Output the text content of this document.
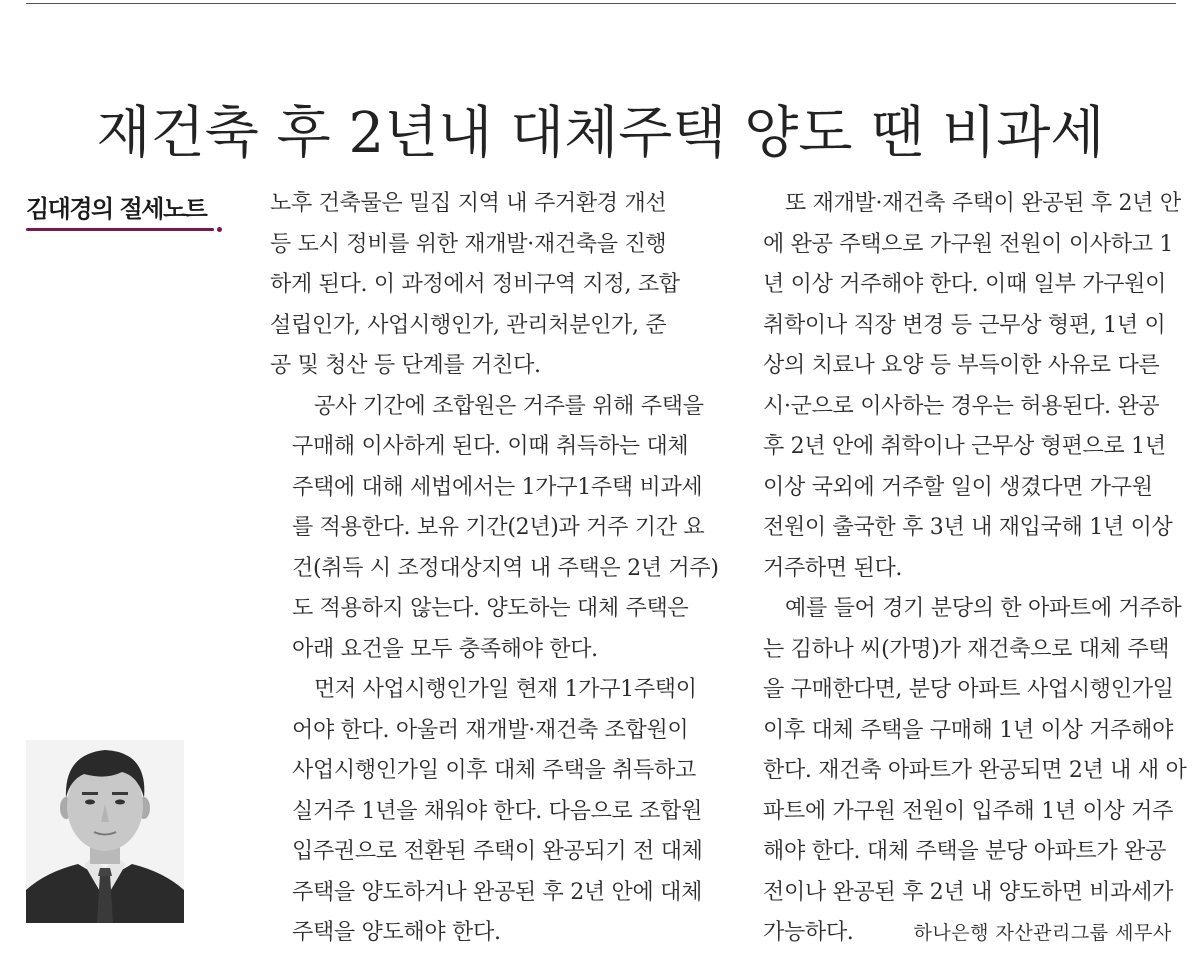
재건축 후 2년내 대체주택 양도 땐 비과세
김대경의 절세노트	노후 건축물은 밀집 지역 내 주거환경 개선
등 도시 정비를 위한 재개발·재건축을 진행
하게 된다. 이 과정에서 정비구역 지정, 조합
설립인가, 사업시행인가, 관리처분인가, 준
공 및 청산 등 단계를 거친다.

공사 기간에 조합원은 거주를 위해 주택을
구매해 이사하게 된다. 이때 취득하는 대체
주택에 대해 세법에서는 1가구1주택 비과세
를 적용한다. 보유 기간(2년)과 거주 기간 요
건(취득 시 조정대상지역 내 주택은 2년 거주)
도 적용하지 않는다. 양도하는 대체 주택은
아래 요건을 모두 충족해야 한다.

먼저 사업시행인가일 현재 1가구1주택이
어야 한다. 아울러 재개발·재건축 조합원이
사업시행인가일 이후 대체 주택을 취득하고
실거주 1년을 채워야 한다. 다음으로 조합원
입주권으로 전환된 주택이 완공되기 전 대체
주택을 양도하거나 완공된 후 2년 안에 대체
주택을 양도해야 한다.

또 재개발·재건축 주택이 완공된 후 2년 안
에 완공 주택으로 가구원 전원이 이사하고 1
년 이상 거주해야 한다. 이때 일부 가구원이
취학이나 직장 변경 등 근무상 형편, 1년 이
상의 치료나 요양 등 부득이한 사유로 다른
시·군으로 이사하는 경우는 허용된다. 완공
후 2년 안에 취학이나 근무상 형편으로 1년
이상 국외에 거주할 일이 생겼다면 가구원
전원이 출국한 후 3년 내 재입국해 1년 이상
거주하면 된다.

예를 들어 경기 분당의 한 아파트에 거주하
는 김하나 씨(가명)가 재건축으로 대체 주택
을 구매한다면, 분당 아파트 사업시행인가일
이후 대체 주택을 구매해 1년 이상 거주해야
한다. 재건축 아파트가 완공되면 2년 내 새 아
파트에 가구원 전원이 입주해 1년 이상 거주
해야 한다. 대체 주택을 분당 아파트가 완공
전이나 완공된 후 2년 내 양도하면 비과세가
가능하다.	하나은행 자산관리그룹 세무사
